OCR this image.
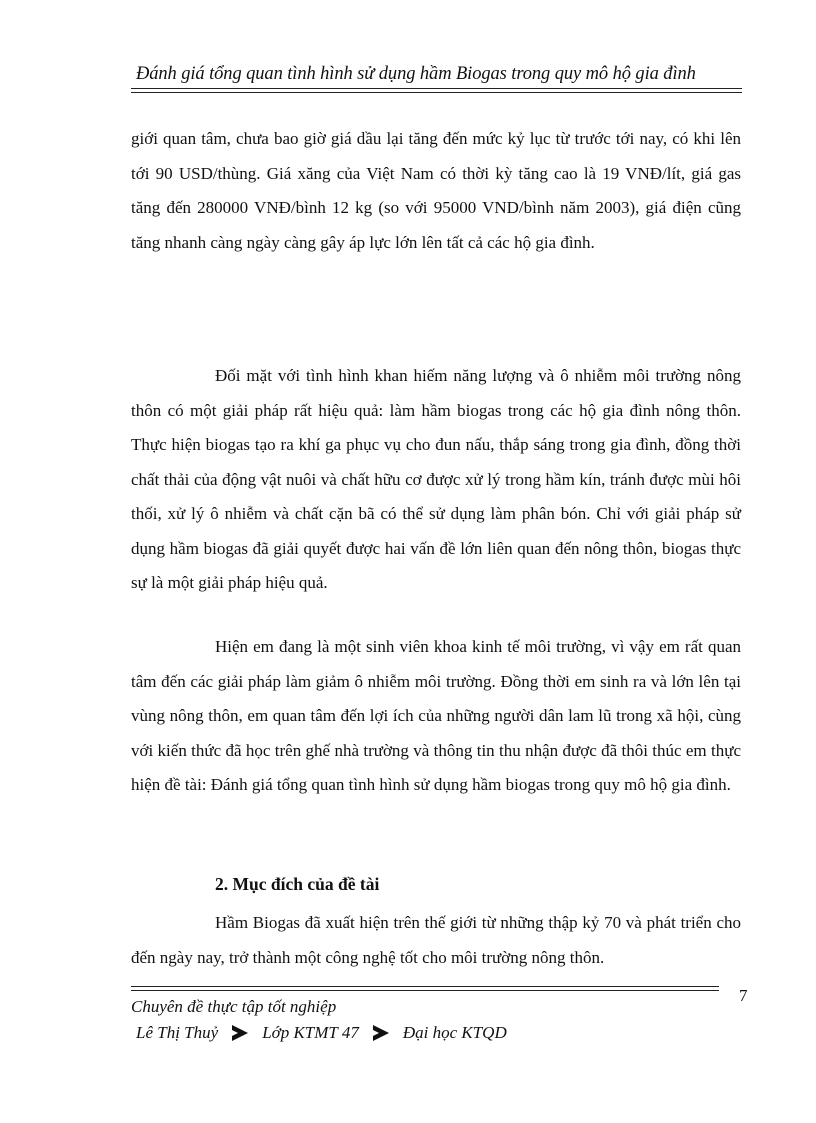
Đánh giá tổng quan tình hình sử dụng hầm Biogas trong quy mô hộ gia đình

giới quan tâm, chưa bao giờ giá dầu lại tăng đến mức kỷ lục từ trước tới nay, có khi lên tới 90 USD/thùng. Giá xăng của Việt Nam có thời kỳ tăng cao là 19 VNĐ/lít, giá gas tăng đến 280000 VNĐ/bình 12 kg (so với 95000 VND/bình năm 2003), giá điện cũng tăng nhanh càng ngày càng gây áp lực lớn lên tất cả các hộ gia đình.

Đối mặt với tình hình khan hiếm năng lượng và ô nhiễm môi trường nông thôn có một giải pháp rất hiệu quả: làm hầm biogas trong các hộ gia đình nông thôn. Thực hiện biogas tạo ra khí ga phục vụ cho đun nấu, thắp sáng trong gia đình, đồng thời chất thải của động vật nuôi và chất hữu cơ được xử lý trong hầm kín, tránh được mùi hôi thối, xử lý ô nhiễm và chất cặn bã có thể sử dụng làm phân bón. Chỉ với giải pháp sử dụng hầm biogas đã giải quyết được hai vấn đề lớn liên quan đến nông thôn, biogas thực sự là một giải pháp hiệu quả.

Hiện em đang là một sinh viên khoa kinh tế môi trường, vì vậy em rất quan tâm đến các giải pháp làm giảm ô nhiễm môi trường. Đồng thời em sinh ra và lớn lên tại vùng nông thôn, em quan tâm đến lợi ích của những người dân lam lũ trong xã hội, cùng với kiến thức đã học trên ghế nhà trường và thông tin thu nhận được đã thôi thúc em thực hiện đề tài: Đánh giá tổng quan tình hình sử dụng hầm biogas trong quy mô hộ gia đình.

2. Mục đích của đề tài

Hầm Biogas đã xuất hiện trên thế giới từ những thập kỷ 70 và phát triển cho đến ngày nay, trở thành một công nghệ tốt cho môi trường nông thôn.

7
Chuyên đề thực tập tốt nghiệp
Lê Thị Thuỷ	Lớp KTMT 47	Đại học KTQD
